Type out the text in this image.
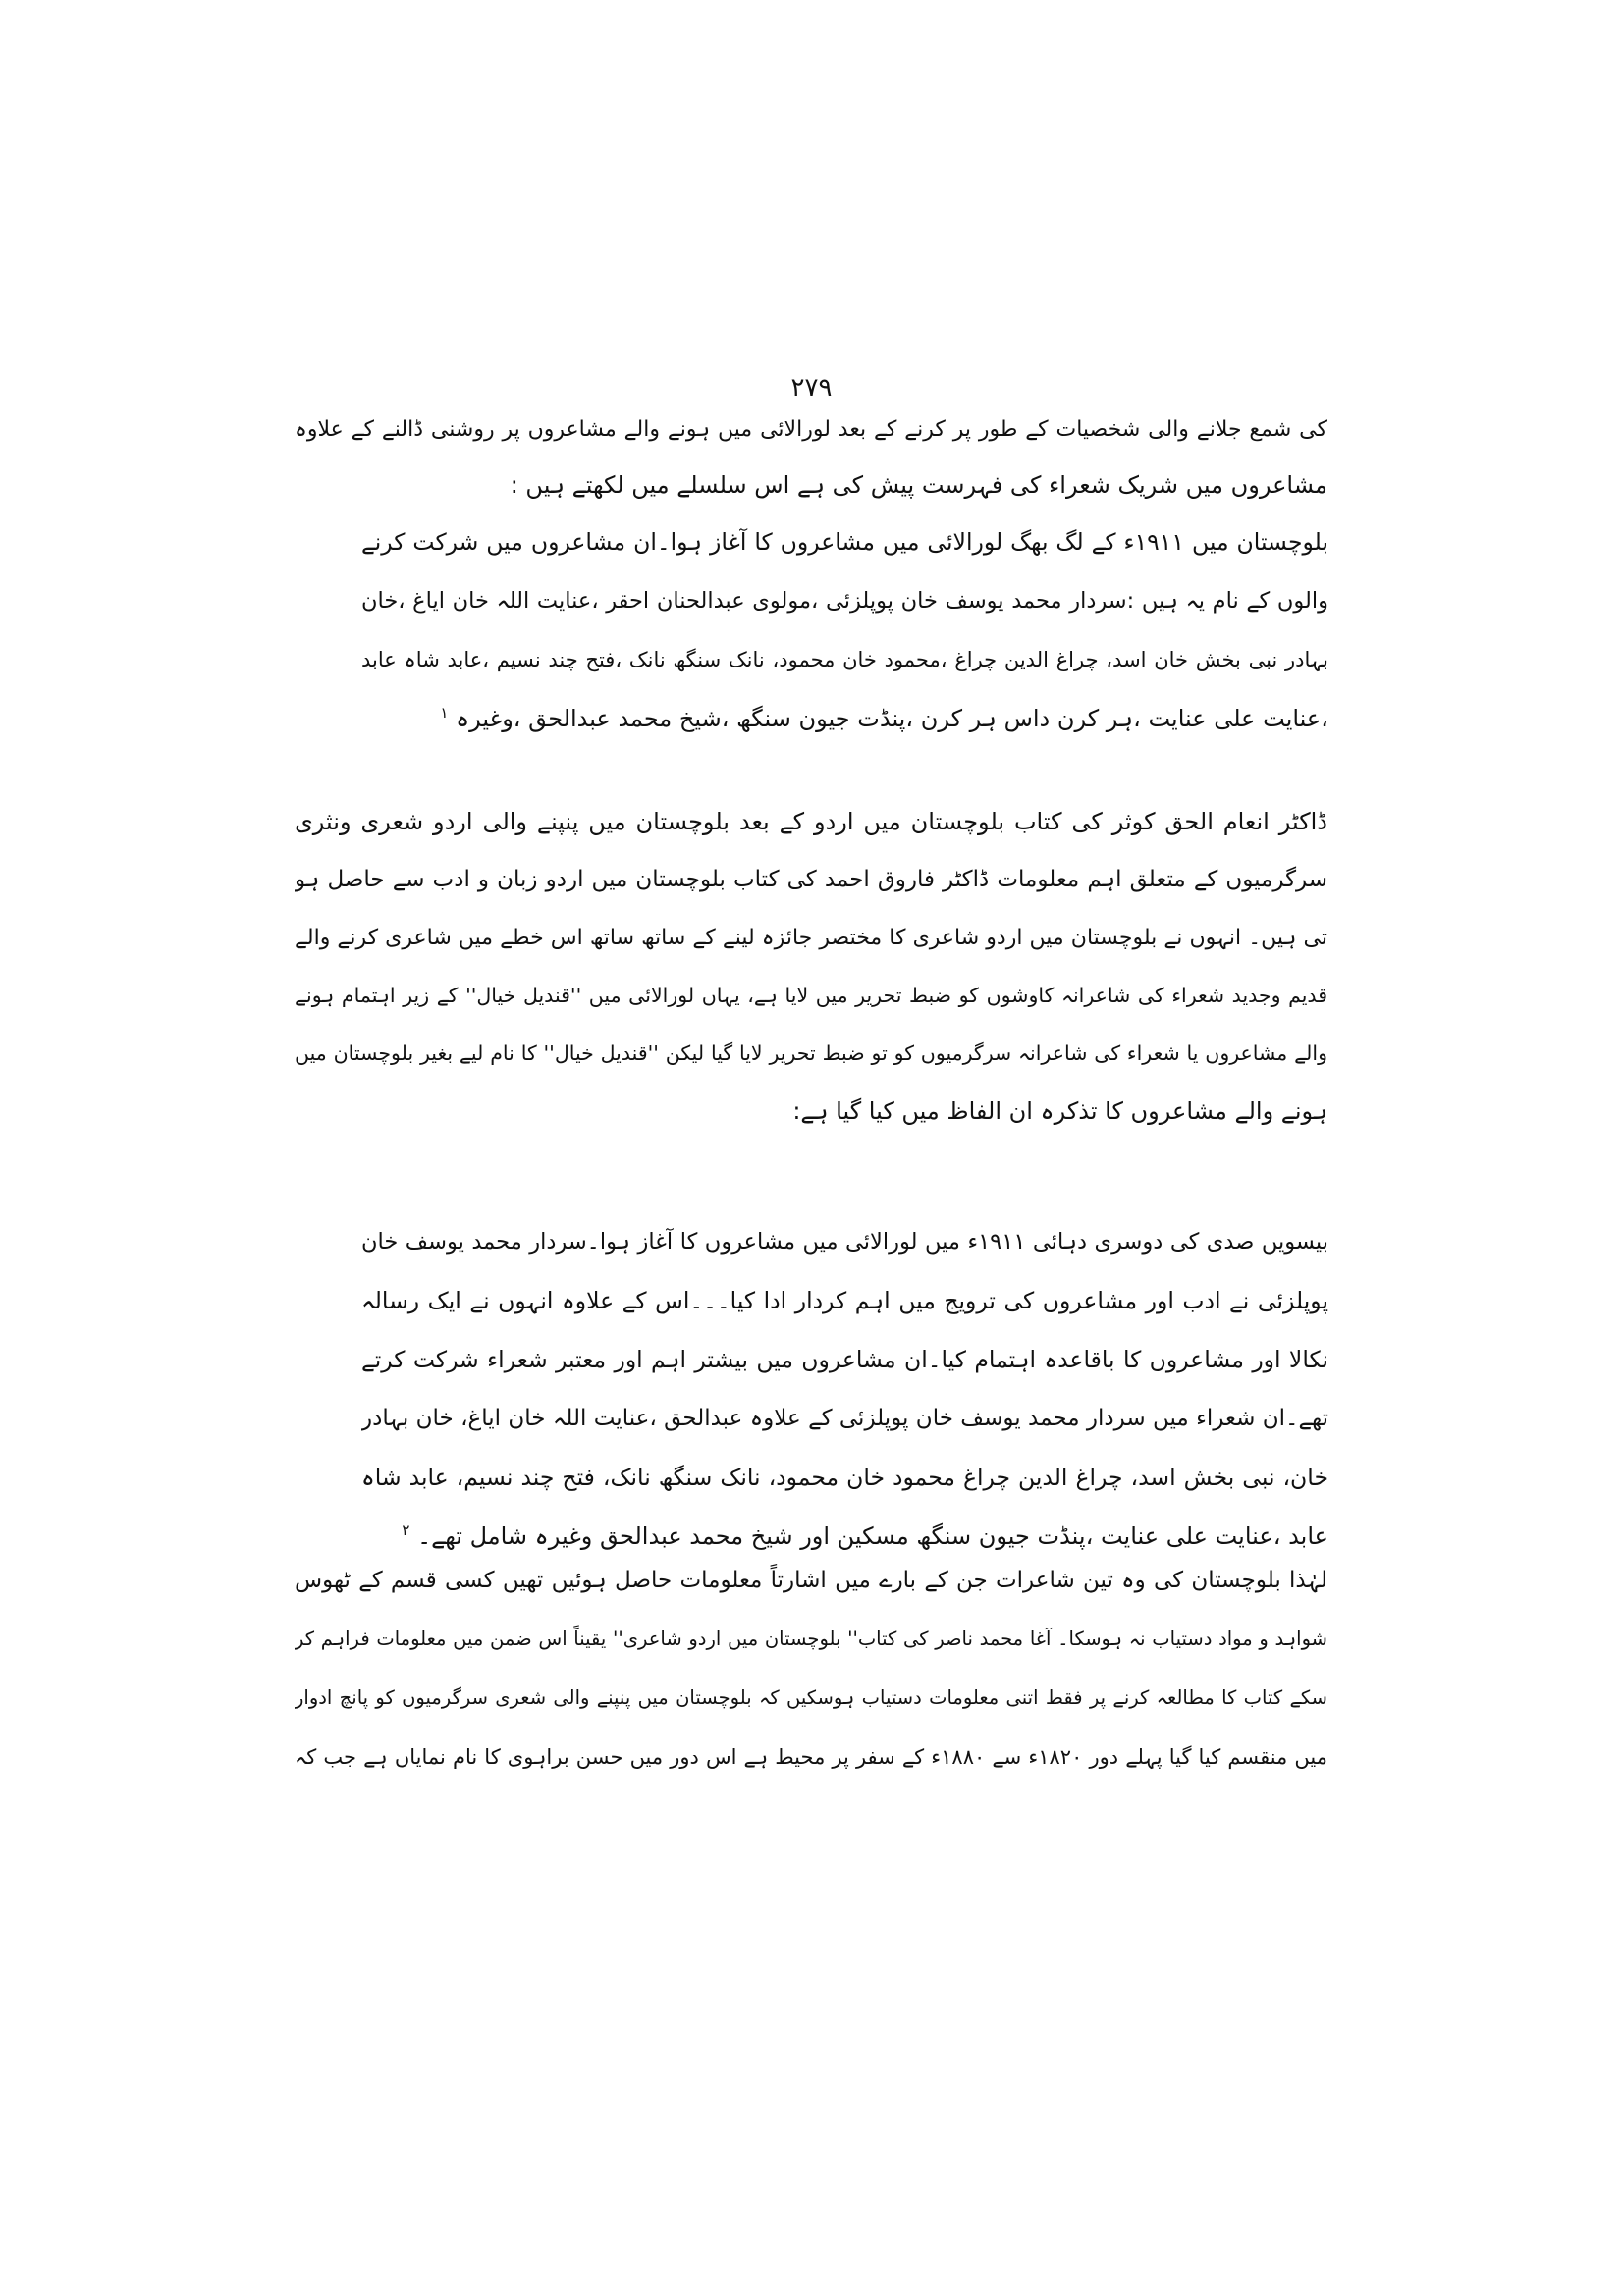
۲۷۹
کی شمع جلانے والی شخصیات کے طور پر کرنے کے بعد لورالائی میں ہونے والے مشاعروں پر روشنی ڈالنے کے علاوہ
مشاعروں میں شریک شعراء کی فہرست پیش کی ہے اس سلسلے میں لکھتے ہیں :
بلوچستان میں ۱۹۱۱ء کے لگ بھگ لورالائی میں مشاعروں کا آغاز ہوا۔ان مشاعروں میں شرکت کرنے
والوں کے نام یہ ہیں :سردار محمد یوسف خان پوپلزئی ،مولوی عبدالحنان احقر ،عنایت اللہ خان ایاغ ،خان
بہادر نبی بخش خان اسد، چراغ الدین چراغ ،محمود خان محمود، نانک سنگھ نانک ،فتح چند نسیم ،عابد شاہ عابد
،عنایت علی عنایت ،ہر کرن داس ہر کرن ،پنڈت جیون سنگھ ،شیخ محمد عبدالحق ،وغیرہ $^۱$
ڈاکٹر انعام الحق کوثر کی کتاب بلوچستان میں اردو کے بعد بلوچستان میں پنپنے والی اردو شعری ونثری
سرگرمیوں کے متعلق اہم معلومات ڈاکٹر فاروق احمد کی کتاب بلوچستان میں اردو زبان و ادب سے حاصل ہو
تی ہیں۔ انہوں نے بلوچستان میں اردو شاعری کا مختصر جائزہ لینے کے ساتھ ساتھ اس خطے میں شاعری کرنے والے
قدیم وجدید شعراء کی شاعرانہ کاوشوں کو ضبط تحریر میں لایا ہے، یہاں لورالائی میں ''قندیل خیال'' کے زیر اہتمام ہونے
والے مشاعروں یا شعراء کی شاعرانہ سرگرمیوں کو تو ضبط تحریر لایا گیا لیکن ''قندیل خیال'' کا نام لیے بغیر بلوچستان میں
ہونے والے مشاعروں کا تذکرہ ان الفاظ میں کیا گیا ہے:
بیسویں صدی کی دوسری دہائی ۱۹۱۱ء میں لورالائی میں مشاعروں کا آغاز ہوا۔سردار محمد یوسف خان
پوپلزئی نے ادب اور مشاعروں کی ترویج میں اہم کردار ادا کیا۔۔۔اس کے علاوہ انہوں نے ایک رسالہ
نکالا اور مشاعروں کا باقاعدہ اہتمام کیا۔ان مشاعروں میں بیشتر اہم اور معتبر شعراء شرکت کرتے
تھے۔ان شعراء میں سردار محمد یوسف خان پوپلزئی کے علاوہ عبدالحق ،عنایت اللہ خان ایاغ، خان بہادر
خان، نبی بخش اسد، چراغ الدین چراغ محمود خان محمود، نانک سنگھ نانک، فتح چند نسیم، عابد شاہ
عابد ،عنایت علی عنایت ،پنڈت جیون سنگھ مسکین اور شیخ محمد عبدالحق وغیرہ شامل تھے۔ $^۲$
لہٰذا بلوچستان کی وہ تین شاعرات جن کے بارے میں اشارتاً معلومات حاصل ہوئیں تھیں کسی قسم کے ٹھوس
شواہد و مواد دستیاب نہ ہوسکا۔ آغا محمد ناصر کی کتاب'' بلوچستان میں اردو شاعری'' یقیناً اس ضمن میں معلومات فراہم کر
سکے کتاب کا مطالعہ کرنے پر فقط اتنی معلومات دستیاب ہوسکیں کہ بلوچستان میں پنپنے والی شعری سرگرمیوں کو پانچ ادوار
میں منقسم کیا گیا پہلے دور ۱۸۲۰ء سے ۱۸۸۰ء کے سفر پر محیط ہے اس دور میں حسن براہوی کا نام نمایاں ہے جب کہ
